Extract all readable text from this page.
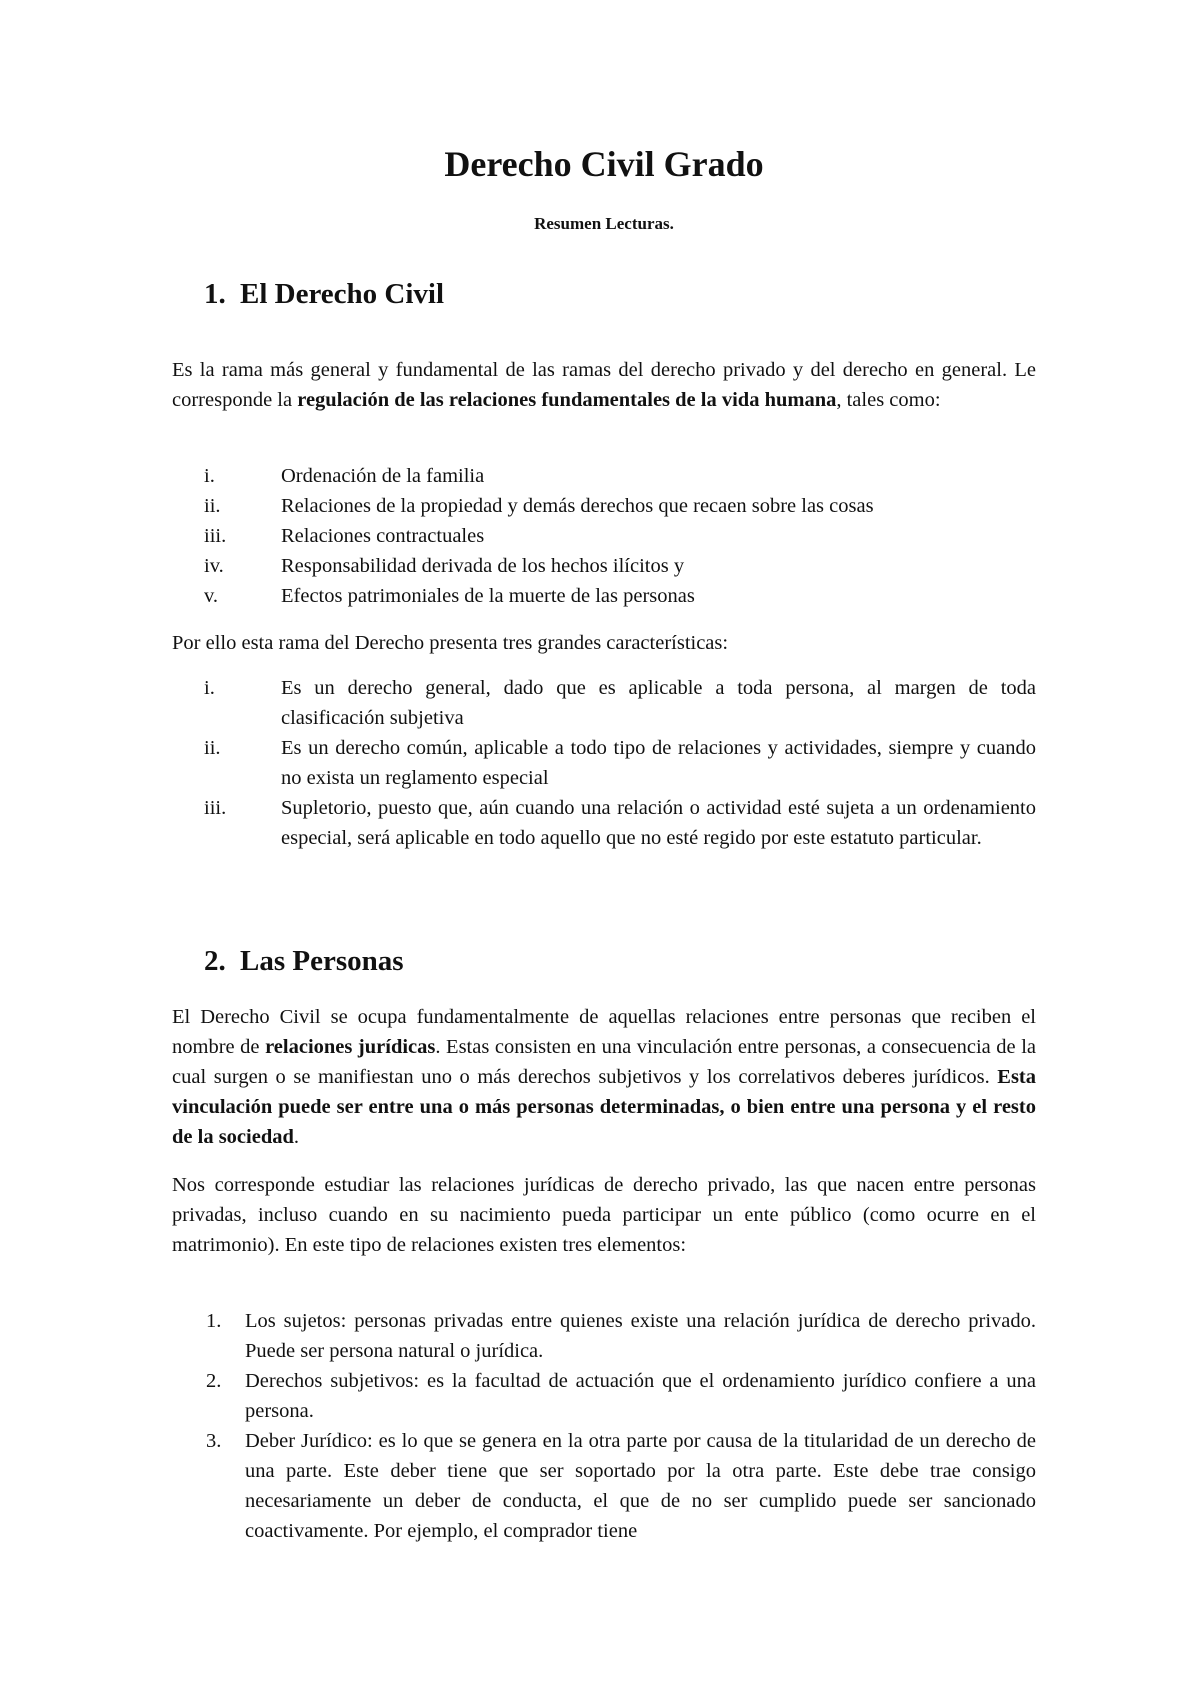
Derecho Civil Grado

Resumen Lecturas.

1. El Derecho Civil

Es la rama más general y fundamental de las ramas del derecho privado y del derecho en general. Le corresponde la regulación de las relaciones fundamentales de la vida humana, tales como:

i.	Ordenación de la familia
ii.	Relaciones de la propiedad y demás derechos que recaen sobre las cosas
iii.	Relaciones contractuales
iv.	Responsabilidad derivada de los hechos ilícitos y
v.	Efectos patrimoniales de la muerte de las personas

Por ello esta rama del Derecho presenta tres grandes características:

i.	Es un derecho general, dado que es aplicable a toda persona, al margen de toda clasificación subjetiva
ii.	Es un derecho común, aplicable a todo tipo de relaciones y actividades, siempre y cuando no exista un reglamento especial
iii.	Supletorio, puesto que, aún cuando una relación o actividad esté sujeta a un ordenamiento especial, será aplicable en todo aquello que no esté regido por este estatuto particular.
2. Las Personas

El Derecho Civil se ocupa fundamentalmente de aquellas relaciones entre personas que reciben el nombre de relaciones jurídicas. Estas consisten en una vinculación entre personas, a consecuencia de la cual surgen o se manifiestan uno o más derechos subjetivos y los correlativos deberes jurídicos. Esta vinculación puede ser entre una o más personas determinadas, o bien entre una persona y el resto de la sociedad.

Nos corresponde estudiar las relaciones jurídicas de derecho privado, las que nacen entre personas privadas, incluso cuando en su nacimiento pueda participar un ente público (como ocurre en el matrimonio). En este tipo de relaciones existen tres elementos:

1. Los sujetos: personas privadas entre quienes existe una relación jurídica de derecho privado. Puede ser persona natural o jurídica.
2. Derechos subjetivos: es la facultad de actuación que el ordenamiento jurídico confiere a una persona.
3. Deber Jurídico: es lo que se genera en la otra parte por causa de la titularidad de un derecho de una parte. Este deber tiene que ser soportado por la otra parte. Este debe trae consigo necesariamente un deber de conducta, el que de no ser cumplido puede ser sancionado coactivamente. Por ejemplo, el comprador tiene
